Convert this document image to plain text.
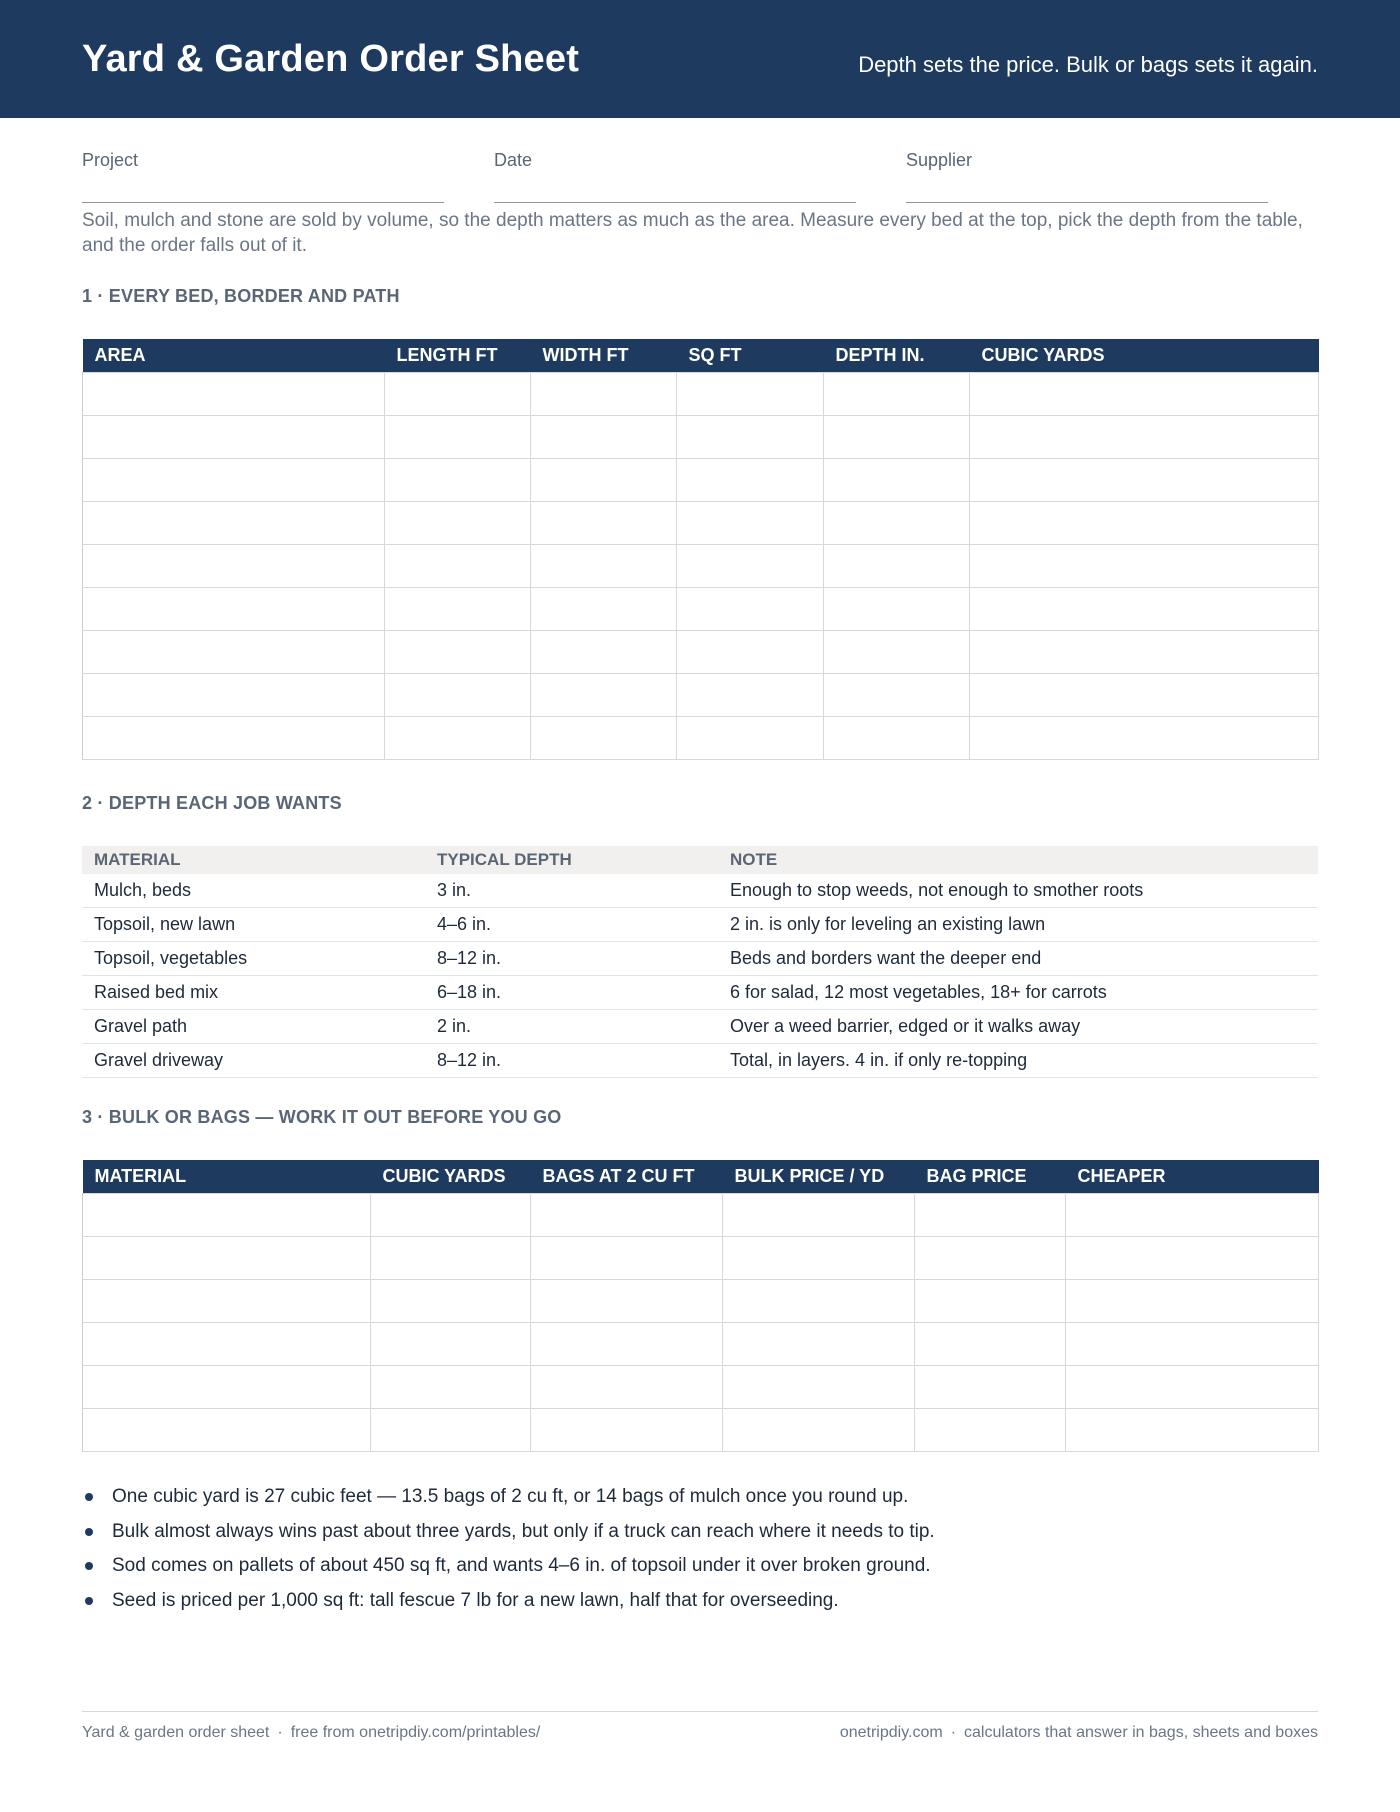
Yard & Garden Order Sheet	Depth sets the price. Bulk or bags sets it again.
Project	Date	Supplier
Soil, mulch and stone are sold by volume, so the depth matters as much as the area. Measure every bed at the top, pick the depth from the table, and the order falls out of it.
1 · EVERY BED, BORDER AND PATH
AREA	LENGTH FT	WIDTH FT	SQ FT	DEPTH IN.	CUBIC YARDS

2 · DEPTH EACH JOB WANTS
MATERIAL	TYPICAL DEPTH	NOTE
Mulch, beds	3 in.	Enough to stop weeds, not enough to smother roots
Topsoil, new lawn	4–6 in.	2 in. is only for leveling an existing lawn
Topsoil, vegetables	8–12 in.	Beds and borders want the deeper end
Raised bed mix	6–18 in.	6 for salad, 12 most vegetables, 18+ for carrots
Gravel path	2 in.	Over a weed barrier, edged or it walks away
Gravel driveway	8–12 in.	Total, in layers. 4 in. if only re-topping
3 · BULK OR BAGS — WORK IT OUT BEFORE YOU GO
MATERIAL	CUBIC YARDS	BAGS AT 2 CU FT	BULK PRICE / YD	BAG PRICE	CHEAPER

One cubic yard is 27 cubic feet — 13.5 bags of 2 cu ft, or 14 bags of mulch once you round up.
Bulk almost always wins past about three yards, but only if a truck can reach where it needs to tip.
Sod comes on pallets of about 450 sq ft, and wants 4–6 in. of topsoil under it over broken ground.
Seed is priced per 1,000 sq ft: tall fescue 7 lb for a new lawn, half that for overseeding.
Yard & garden order sheet · free from onetripdiy.com/printables/	onetripdiy.com · calculators that answer in bags, sheets and boxes
